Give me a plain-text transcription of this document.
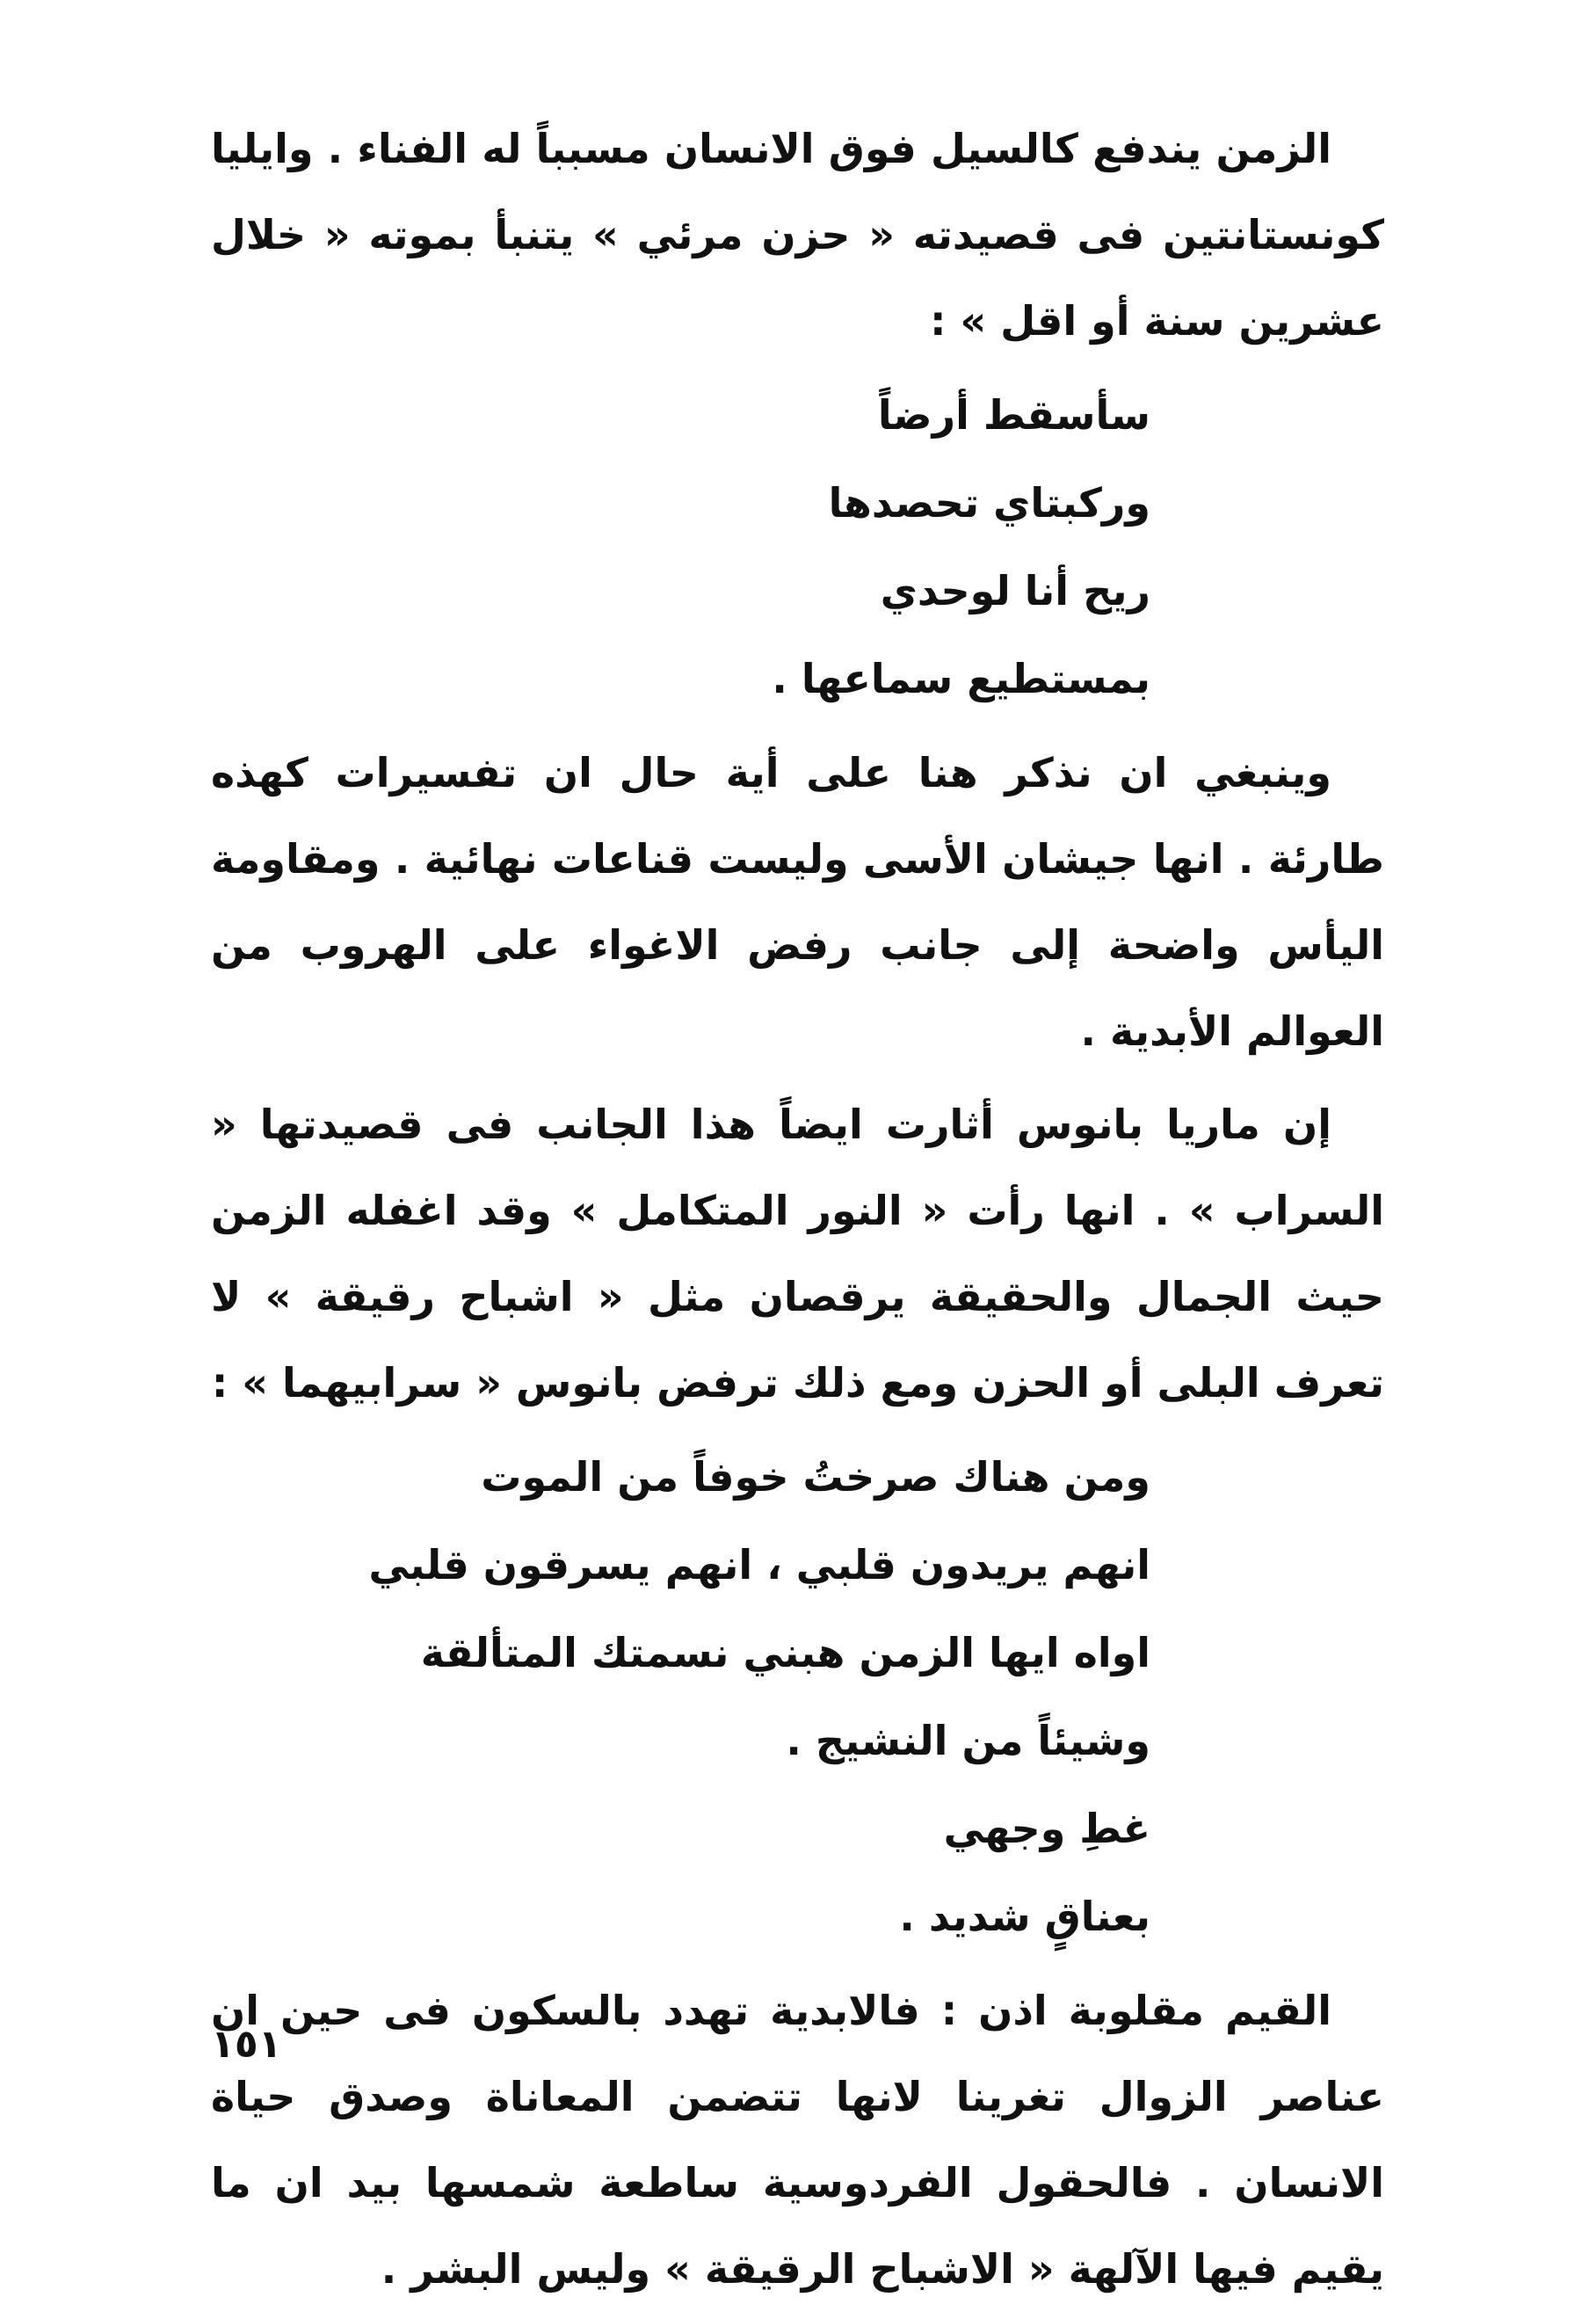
الزمن يندفع كالسيل فوق الانسان مسبباً له الفناء . وايليا كونستانتين فى قصيدته « حزن مرئي » يتنبأ بموته « خلال عشرين سنة أو اقل » :

سأسقط أرضاً
وركبتاي تحصدها
ريح أنا لوحدي
بمستطيع سماعها .

وينبغي ان نذكر هنا على أية حال ان تفسيرات كهذه طارئة . انها جيشان الأسى وليست قناعات نهائية . ومقاومة اليأس واضحة إلى جانب رفض الاغواء على الهروب من العوالم الأبدية .

إن ماريا بانوس أثارت ايضاً هذا الجانب فى قصيدتها « السراب » . انها رأت « النور المتكامل » وقد اغفله الزمن حيث الجمال والحقيقة يرقصان مثل « اشباح رقيقة » لا تعرف البلى أو الحزن ومع ذلك ترفض بانوس « سرابيهما » :

ومن هناك صرختُ خوفاً من الموت
انهم يريدون قلبي ، انهم يسرقون قلبي
اواه ايها الزمن هبني نسمتك المتألقة
وشيئاً من النشيج .
غطِ وجهي
بعناقٍ شديد .

القيم مقلوبة اذن : فالابدية تهدد بالسكون فى حين ان عناصر الزوال تغرينا لانها تتضمن المعاناة وصدق حياة الانسان . فالحقول الفردوسية ساطعة شمسها بيد ان ما يقيم فيها الآلهة « الاشباح الرقيقة » وليس البشر .

١٥١
